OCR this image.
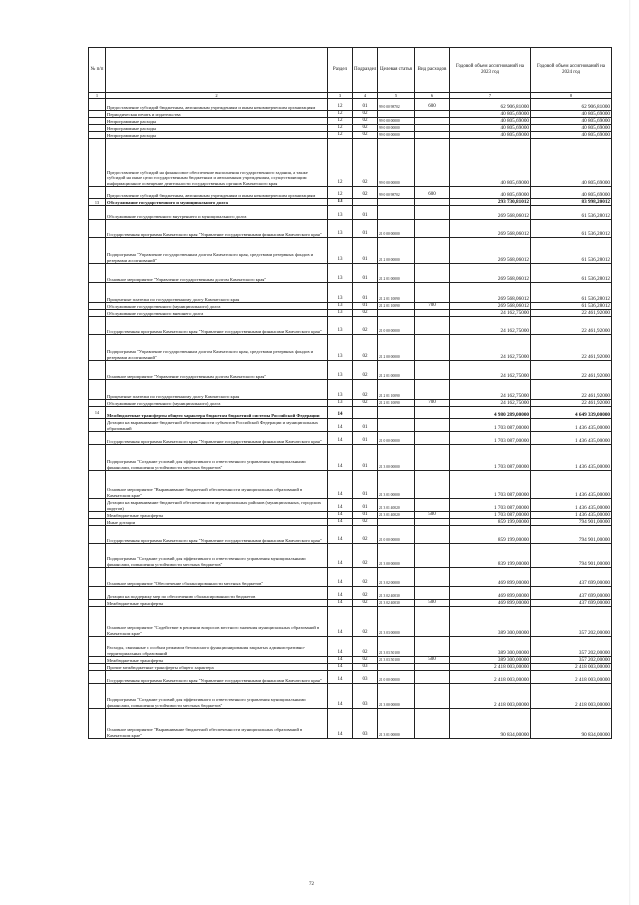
№ п/п		Раздел	Подраздел	Целевая статья	Вид расходов	Годовой объем ассигнований на 2023 год	Годовой объем ассигнований на 2024 год
1	2	3	4	5	6	7	8
	Предоставление субсидий бюджетным, автономным учреждениям и иным некоммерческим организациям	12	01	99 0 00 98702	600	62 906,81000	62 906,81000
	Периодическая печать и издательства	12	02			40 805,69000	40 805,69000
	Непрограммные расходы	12	02	99 0 00 00000		40 805,69000	40 805,69000
	Непрограммные расходы	12	02	99 0 00 00000		40 805,69000	40 805,69000
	Непрограммные расходы	12	02	99 0 00 00000		40 805,69000	40 805,69000
	Предоставление субсидий на финансовое обеспечение выполнения государственного задания, а также субсидий на иные цели государственным бюджетным и автономным учреждениям, осуществляющим информационное освещение деятельности государственных органов Камчатского края	12	02	99 0 00 00000		40 805,69000	40 805,69000
	Предоставление субсидий бюджетным, автономным учреждениям и иным некоммерческим организациям	12	02	99 0 00 98702	600	40 805,69000	40 805,69000
13	Обслуживание государственного и муниципального долга	13				293 730,81012	83 998,20012
	Обслуживание государственного внутреннего и муниципального долга	13	01			269 568,06012	61 536,28012
	Государственная программа Камчатского края "Управление государственными финансами Камчатского края"	13	01	21 0 00 00000		269 568,06012	61 536,28012
	Подпрограмма "Управление государственным долгом Камчатского края, средствами резервных фондов и резервами ассигнований"	13	01	21 2 00 00000		269 568,06012	61 536,28012
	Основное мероприятие "Управление государственным долгом Камчатского края"	13	01	21 2 01 00000		269 568,06012	61 536,28012
	Процентные платежи по государственному долгу Камчатского края	13	01	21 2 01 10090		269 568,06012	61 536,28012
	Обслуживание государственного (муниципального) долга	13	01	21 2 01 10090	700	269 568,06012	61 536,28012
	Обслуживание государственного внешнего долга	13	02			24 162,75000	22 461,92000
	Государственная программа Камчатского края "Управление государственными финансами Камчатского края"	13	02	21 0 00 00000		24 162,75000	22 461,92000
	Подпрограмма "Управление государственным долгом Камчатского края, средствами резервных фондов и резервами ассигнований"	13	02	21 2 00 00000		24 162,75000	22 461,92000
	Основное мероприятие "Управление государственным долгом Камчатского края"	13	02	21 2 01 00000		24 162,75000	22 461,92000
	Процентные платежи по государственному долгу Камчатского края	13	02	21 2 01 10090		24 162,75000	22 461,92000
	Обслуживание государственного (муниципального) долга	13	02	21 2 01 10090	700	24 162,75000	22 461,92000
14	Межбюджетные трансферты общего характера бюджетам бюджетной системы Российской Федерации	14				4 980 289,00000	4 649 339,00000
	Дотации на выравнивание бюджетной обеспеченности субъектов Российской Федерации и муниципальных образований	14	01			1 703 087,00000	1 436 435,00000
	Государственная программа Камчатского края "Управление государственными финансами Камчатского края"	14	01	21 0 00 00000		1 703 087,00000	1 436 435,00000
	Подпрограмма "Создание условий для эффективного и ответственного управления муниципальными финансами, повышения устойчивости местных бюджетов"	14	01	21 3 00 00000		1 703 087,00000	1 436 435,00000
	Основное мероприятие "Выравнивание бюджетной обеспеченности муниципальных образований в Камчатском крае"	14	01	21 3 01 00000		1 703 087,00000	1 436 435,00000
	Дотации на выравнивание бюджетной обеспеченности муниципальных районов (муниципальных, городских округов)	14	01	21 3 01 40020		1 703 087,00000	1 436 435,00000
	Межбюджетные трансферты	14	01	21 3 01 40020	500	1 703 087,00000	1 436 435,00000
	Иные дотации	14	02			859 199,00000	794 901,00000
	Государственная программа Камчатского края "Управление государственными финансами Камчатского края"	14	02	21 0 00 00000		859 199,00000	794 901,00000
	Подпрограмма "Создание условий для эффективного и ответственного управления муниципальными финансами, повышения устойчивости местных бюджетов"	14	02	21 3 00 00000		839 199,00000	794 901,00000
	Основное мероприятие "Обеспечение сбалансированности местных бюджетов"	14	02	21 3 02 00000		469 899,00000	437 699,00000
	Дотации на поддержку мер по обеспечению сбалансированности бюджетов	14	02	21 3 02 40030		469 899,00000	437 699,00000
	Межбюджетные трансферты	14	02	21 3 02 40030	500	469 899,00000	437 699,00000
	Основное мероприятие "Содействие в решении вопросов местного значения муниципальных образований в Камчатском крае"	14	02	21 3 03 00000		389 300,00000	357 202,00000
	Расходы, связанные с особым режимом безопасного функционирования закрытых административно-территориальных образований	14	02	21 3 03 50100		389 300,00000	357 202,00000
	Межбюджетные трансферты	14	02	21 3 03 50100	500	389 300,00000	357 202,00000
	Прочие межбюджетные трансферты общего характера	14	03			2 418 003,00000	2 418 003,00000
	Государственная программа Камчатского края "Управление государственными финансами Камчатского края"	14	03	21 0 00 00000		2 418 003,00000	2 418 003,00000
	Подпрограмма "Создание условий для эффективного и ответственного управления муниципальными финансами, повышения устойчивости местных бюджетов"	14	03	21 3 00 00000		2 418 003,00000	2 418 003,00000
	Основное мероприятие "Выравнивание бюджетной обеспеченности муниципальных образований в Камчатском крае"	14	03	21 3 01 00000		90 834,00000	90 834,00000
72
